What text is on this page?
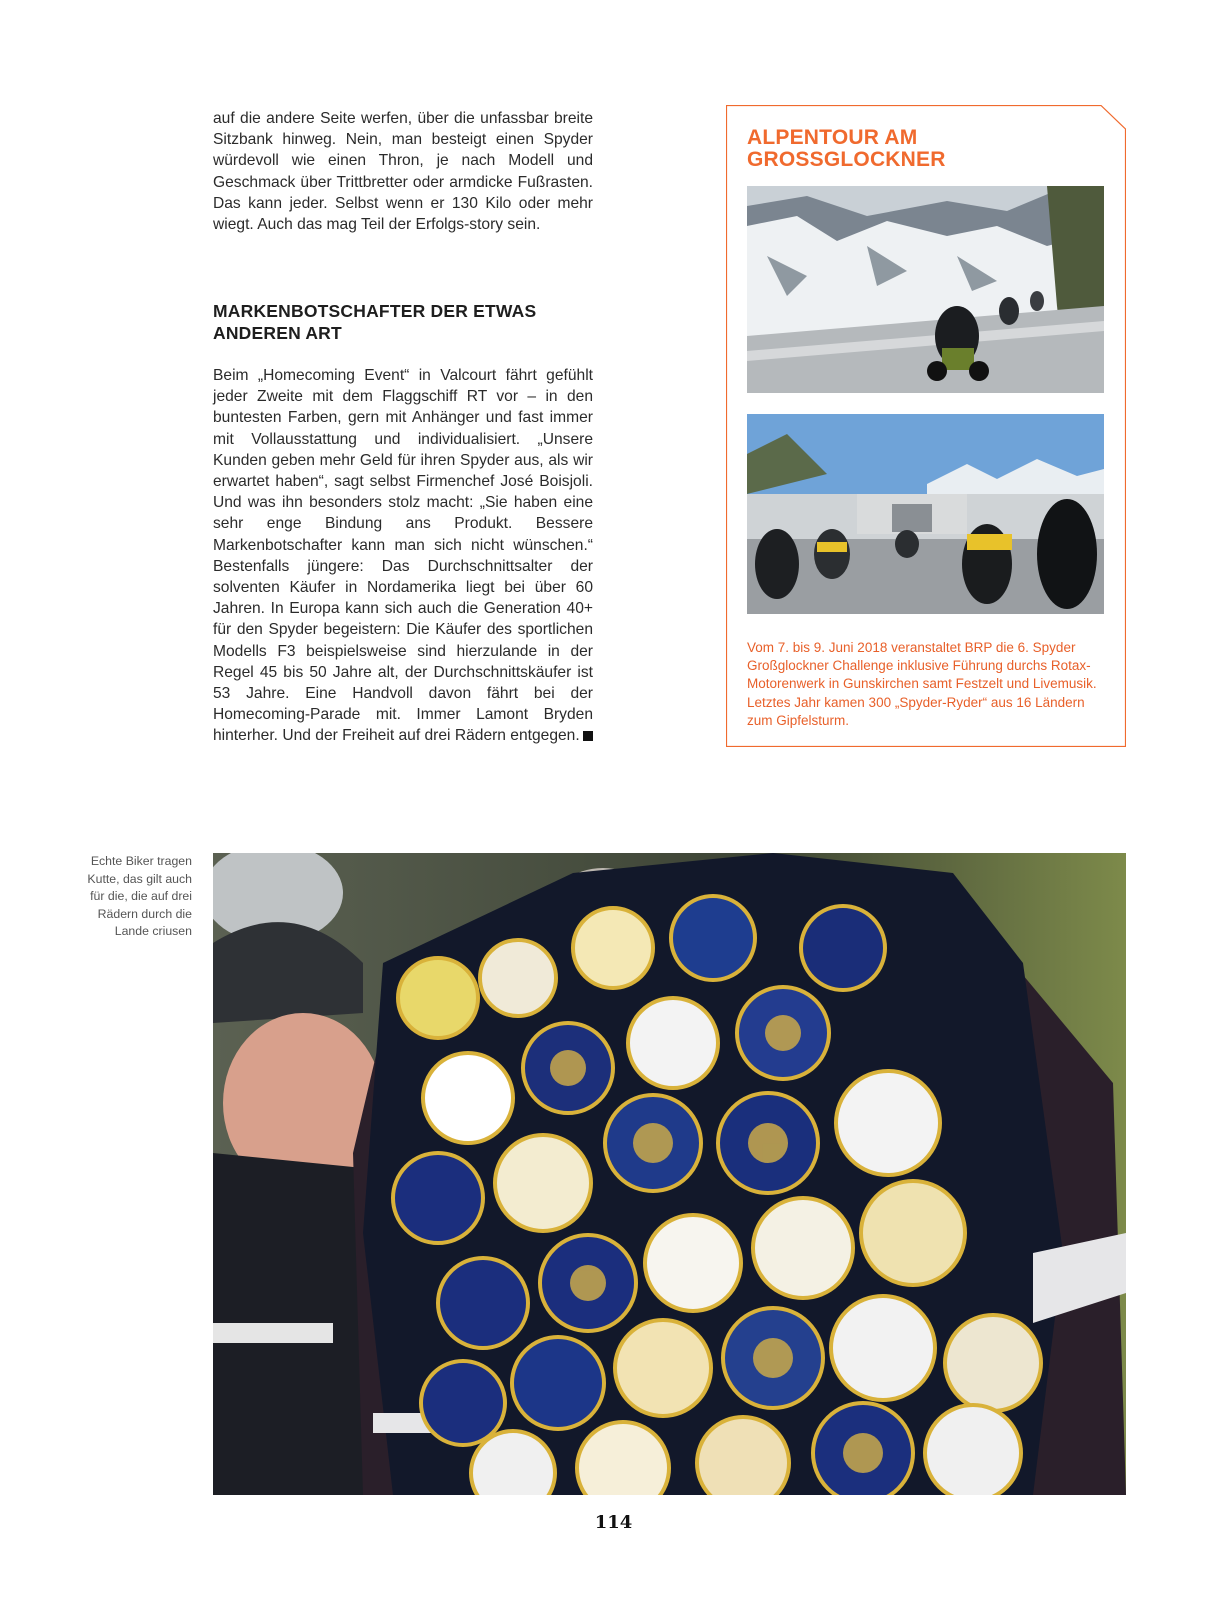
auf die andere Seite werfen, über die unfassbar breite Sitzbank hinweg. Nein, man besteigt einen Spyder würdevoll wie einen Thron, je nach Modell und Geschmack über Trittbretter oder armdicke Fußrasten. Das kann jeder. Selbst wenn er 130 Kilo oder mehr wiegt. Auch das mag Teil der Erfolgs-story sein.

MARKENBOTSCHAFTER DER ETWAS ANDEREN ART

Beim „Homecoming Event“ in Valcourt fährt gefühlt jeder Zweite mit dem Flaggschiff RT vor – in den buntesten Farben, gern mit Anhänger und fast immer mit Vollausstattung und individualisiert. „Unsere Kunden geben mehr Geld für ihren Spyder aus, als wir erwartet haben“, sagt selbst Firmenchef José Boisjoli. Und was ihn besonders stolz macht: „Sie haben eine sehr enge Bindung ans Produkt. Bessere Markenbotschafter kann man sich nicht wünschen.“ Bestenfalls jüngere: Das Durchschnittsalter der solventen Käufer in Nordamerika liegt bei über 60 Jahren. In Europa kann sich auch die Generation 40+ für den Spyder begeistern: Die Käufer des sportlichen Modells F3 beispielsweise sind hierzulande in der Regel 45 bis 50 Jahre alt, der Durchschnittskäufer ist 53 Jahre. Eine Handvoll davon fährt bei der Homecoming-Parade mit. Immer Lamont Bryden hinterher. Und der Freiheit auf drei Rädern entgegen.

ALPENTOUR AM
GROSSGLOCKNER
Vom 7. bis 9. Juni 2018 veranstaltet BRP die 6. Spyder Großglockner Challenge inklusive Führung durchs Rotax-Motorenwerk in Gunskirchen samt Festzelt und Livemusik. Letztes Jahr kamen 300 „Spyder-Ryder“ aus 16 Ländern zum Gipfelsturm.
Echte Biker tragen Kutte, das gilt auch für die, die auf drei Rädern durch die Lande criusen
114
